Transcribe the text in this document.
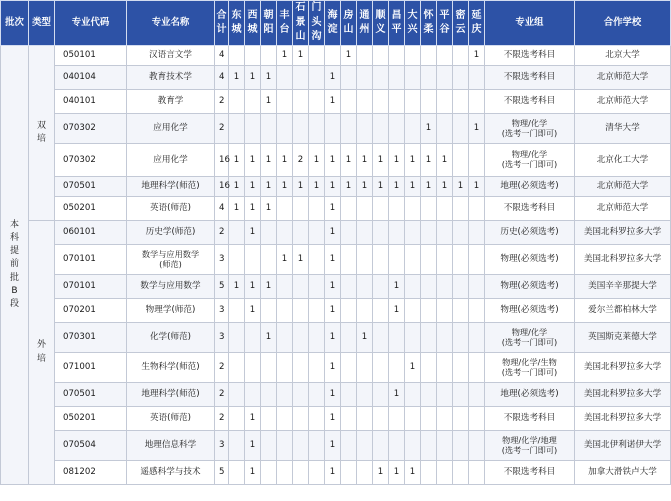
批次	类型	专业代码	专业名称	合计	东城	西城	朝阳	丰台	石景山	门头沟	海淀	房山	通州	顺义	昌平	大兴	怀柔	平谷	密云	延庆	专业组	合作学校
本科提前批B段	双培	050101	汉语言文学	4				1	1			1								1	不限选考科目	北京大学
		040104	教育技术学	4	1	1	1				1										不限选考科目	北京师范大学
		040101	教育学	2			1				1										不限选考科目	北京师范大学
		070302	应用化学	2													1			1	物理/化学
(选考一门即可)	清华大学
		070302	应用化学	16	1	1	1	1	2	1	1	1	1	1	1	1	1	1			物理/化学
(选考一门即可)	北京化工大学
		070501	地理科学(师范)	16	1	1	1	1	1	1	1	1	1	1	1	1	1	1	1	1	地理(必须选考)	北京师范大学
		050201	英语(师范)	4	1	1	1				1										不限选考科目	北京师范大学
	外培	060101	历史学(师范)	2		1					1										历史(必须选考)	美国北科罗拉多大学
		070101	数学与应用数学
(师范)	3				1	1		1										物理(必须选考)	美国北科罗拉多大学
		070101	数学与应用数学	5	1	1	1				1				1						物理(必须选考)	美国辛辛那提大学
		070201	物理学(师范)	3		1					1				1						物理(必须选考)	爱尔兰都柏林大学
		070301	化学(师范)	3			1				1		1								物理/化学
(选考一门即可)	英国斯克莱德大学
		071001	生物科学(师范)	2							1					1					物理/化学/生物
(选考一门即可)	美国北科罗拉多大学
		070501	地理科学(师范)	2							1				1						地理(必须选考)	美国北科罗拉多大学
		050201	英语(师范)	2		1					1										不限选考科目	美国北科罗拉多大学
		070504	地理信息科学	3		1					1										物理/化学/地理
(选考一门即可)	美国北伊利诺伊大学
		081202	遥感科学与技术	5		1					1			1	1	1					不限选考科目	加拿大滑铁卢大学
